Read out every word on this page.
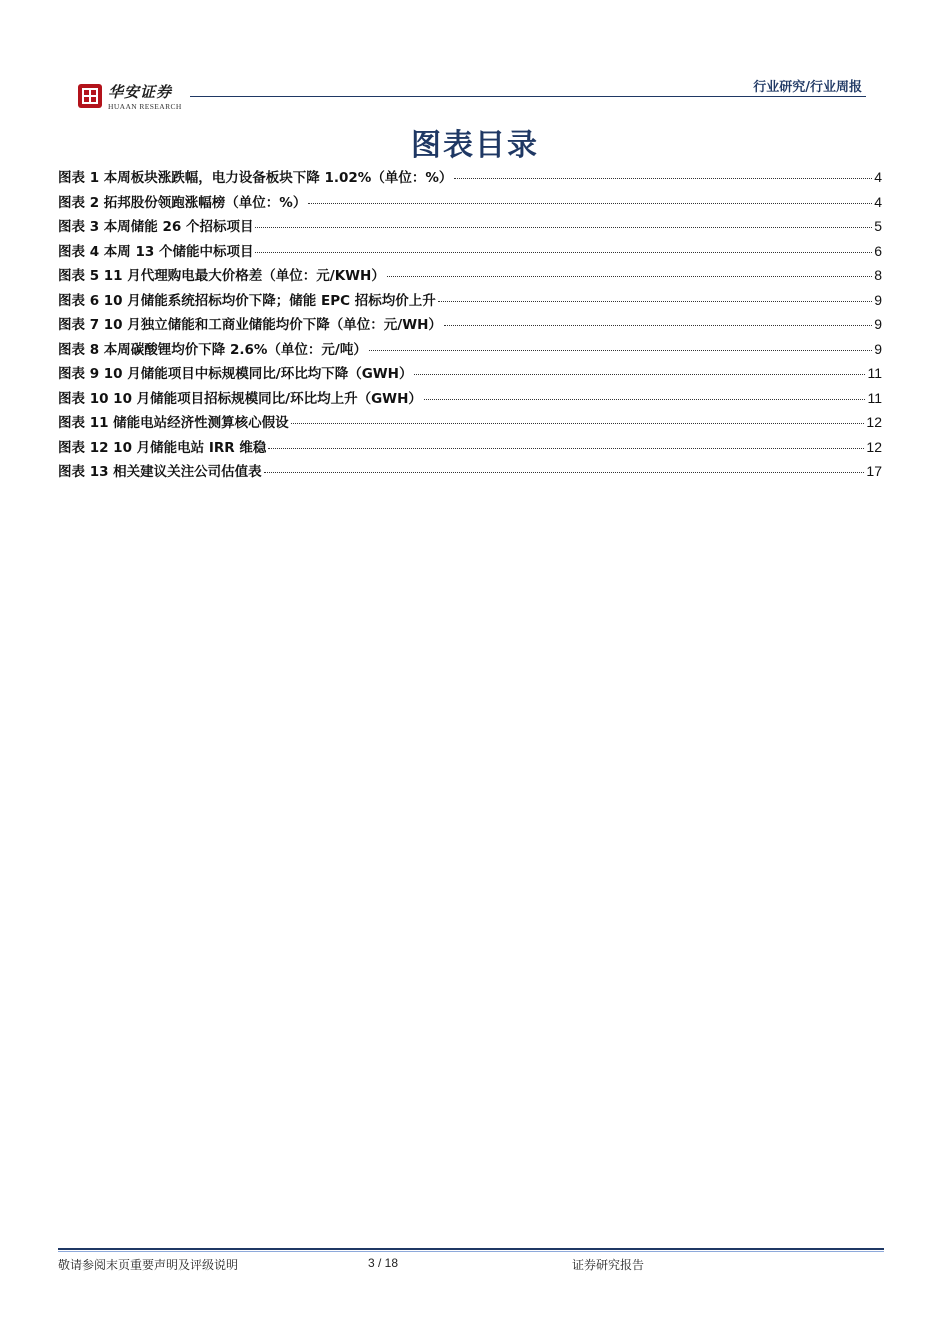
华安证券
HUAAN RESEARCH
行业研究/行业周报
图表目录
图表 1 本周板块涨跌幅，电力设备板块下降 1.02%（单位：%）	4
图表 2 拓邦股份领跑涨幅榜（单位：%）	4
图表 3 本周储能 26 个招标项目	5
图表 4 本周 13 个储能中标项目	6
图表 5 11 月代理购电最大价格差（单位：元/KWH）	8
图表 6 10 月储能系统招标均价下降；储能 EPC 招标均价上升	9
图表 7 10 月独立储能和工商业储能均价下降（单位：元/WH）	9
图表 8 本周碳酸锂均价下降 2.6%（单位：元/吨）	9
图表 9 10 月储能项目中标规模同比/环比均下降（GWH）	11
图表 10 10 月储能项目招标规模同比/环比均上升（GWH）	11
图表 11 储能电站经济性测算核心假设	12
图表 12 10 月储能电站 IRR 维稳	12
图表 13 相关建议关注公司估值表	17
敬请参阅末页重要声明及评级说明	3 / 18	证券研究报告
